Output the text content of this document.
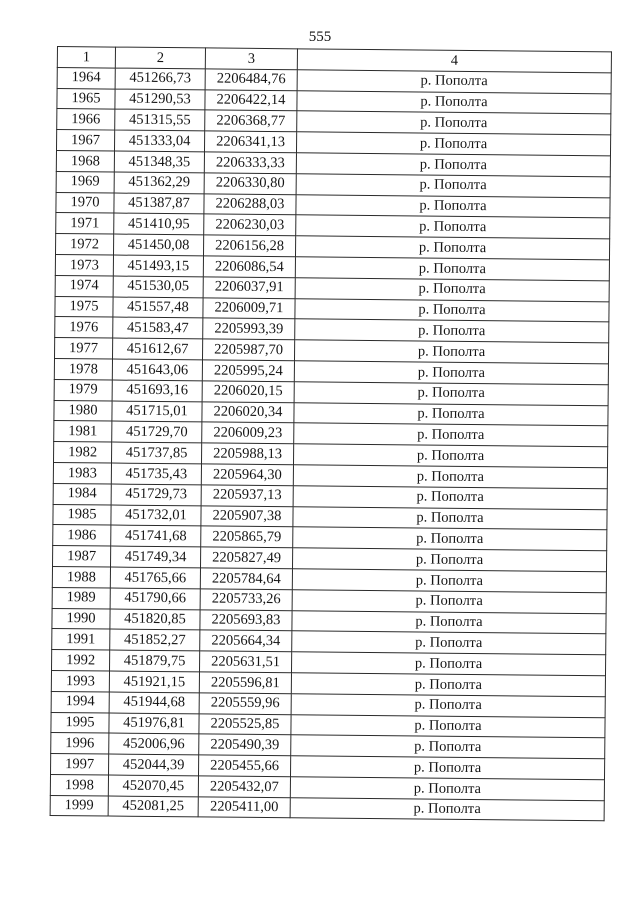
555
1	2	3	4
1964	451266,73	2206484,76	р. Пополта
1965	451290,53	2206422,14	р. Пополта
1966	451315,55	2206368,77	р. Пополта
1967	451333,04	2206341,13	р. Пополта
1968	451348,35	2206333,33	р. Пополта
1969	451362,29	2206330,80	р. Пополта
1970	451387,87	2206288,03	р. Пополта
1971	451410,95	2206230,03	р. Пополта
1972	451450,08	2206156,28	р. Пополта
1973	451493,15	2206086,54	р. Пополта
1974	451530,05	2206037,91	р. Пополта
1975	451557,48	2206009,71	р. Пополта
1976	451583,47	2205993,39	р. Пополта
1977	451612,67	2205987,70	р. Пополта
1978	451643,06	2205995,24	р. Пополта
1979	451693,16	2206020,15	р. Пополта
1980	451715,01	2206020,34	р. Пополта
1981	451729,70	2206009,23	р. Пополта
1982	451737,85	2205988,13	р. Пополта
1983	451735,43	2205964,30	р. Пополта
1984	451729,73	2205937,13	р. Пополта
1985	451732,01	2205907,38	р. Пополта
1986	451741,68	2205865,79	р. Пополта
1987	451749,34	2205827,49	р. Пополта
1988	451765,66	2205784,64	р. Пополта
1989	451790,66	2205733,26	р. Пополта
1990	451820,85	2205693,83	р. Пополта
1991	451852,27	2205664,34	р. Пополта
1992	451879,75	2205631,51	р. Пополта
1993	451921,15	2205596,81	р. Пополта
1994	451944,68	2205559,96	р. Пополта
1995	451976,81	2205525,85	р. Пополта
1996	452006,96	2205490,39	р. Пополта
1997	452044,39	2205455,66	р. Пополта
1998	452070,45	2205432,07	р. Пополта
1999	452081,25	2205411,00	р. Пополта
